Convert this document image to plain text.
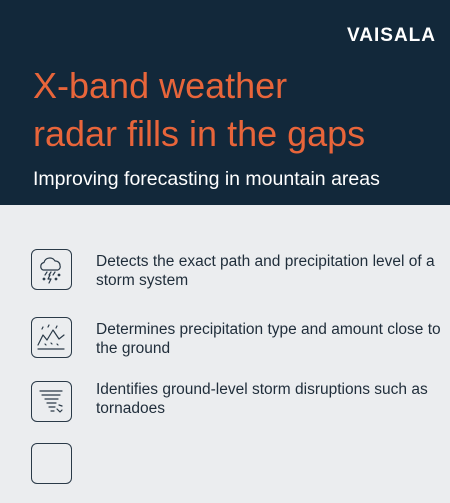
VAISALA
X-band weather
radar fills in the gaps
Improving forecasting in mountain areas
Detects the exact path and precipitation level of a storm system
Determines precipitation type and amount close to the ground
Identifies ground-level storm disruptions such as tornadoes
